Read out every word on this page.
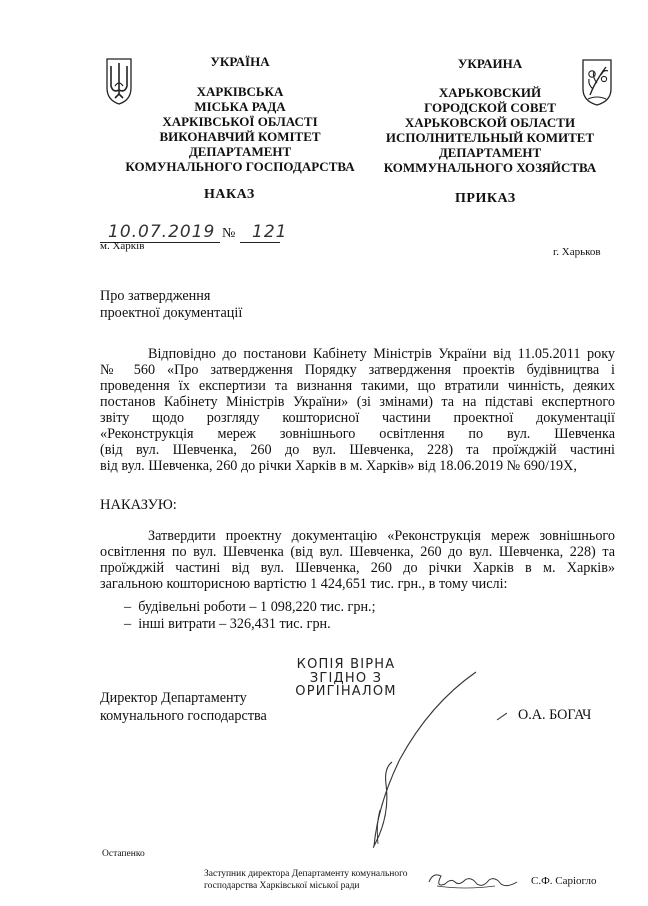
УКРАЇНА
ХАРКІВСЬКА
МІСЬКА РАДА
ХАРКІВСЬКОЇ ОБЛАСТІ
ВИКОНАВЧИЙ КОМІТЕТ
ДЕПАРТАМЕНТ
КОМУНАЛЬНОГО ГОСПОДАРСТВА
УКРАИНА
ХАРЬКОВСКИЙ
ГОРОДСКОЙ СОВЕТ
ХАРЬКОВСКОЙ ОБЛАСТИ
ИСПОЛНИТЕЛЬНЫЙ КОМИТЕТ
ДЕПАРТАМЕНТ
КОММУНАЛЬНОГО ХОЗЯЙСТВА
НАКАЗ	ПРИКАЗ
10.07.2019 № 121
м. Харків	г. Харьков
Про затвердження
проектної документації
Відповідно до постанови Кабінету Міністрів України від 11.05.2011 року
№ 560 «Про затвердження Порядку затвердження проектів будівництва і
проведення їх експертизи та визнання такими, що втратили чинність, деяких
постанов Кабінету Міністрів України» (зі змінами) та на підставі експертного
звіту щодо розгляду кошторисної частини проектної документації
«Реконструкція мереж зовнішнього освітлення по вул. Шевченка
(від вул. Шевченка, 260 до вул. Шевченка, 228) та проїжджій частині
від вул. Шевченка, 260 до річки Харків в м. Харків» від 18.06.2019 № 690/19Х,
НАКАЗУЮ:
Затвердити проектну документацію «Реконструкція мереж зовнішнього
освітлення по вул. Шевченка (від вул. Шевченка, 260 до вул. Шевченка, 228) та
проїжджій частині від вул. Шевченка, 260 до річки Харків в м. Харків»
загальною кошторисною вартістю 1 424,651 тис. грн., в тому числі:
–  будівельні роботи – 1 098,220 тис. грн.;
–  інші витрати – 326,431 тис. грн.
КОПІЯ ВІРНА
ЗГІДНО З
ОРИГІНАЛОМ
Директор Департаменту
комунального господарства	О.А. БОГАЧ
Остапенко
Заступник директора Департаменту комунального
господарства Харківської міської ради	С.Ф. Саріогло
